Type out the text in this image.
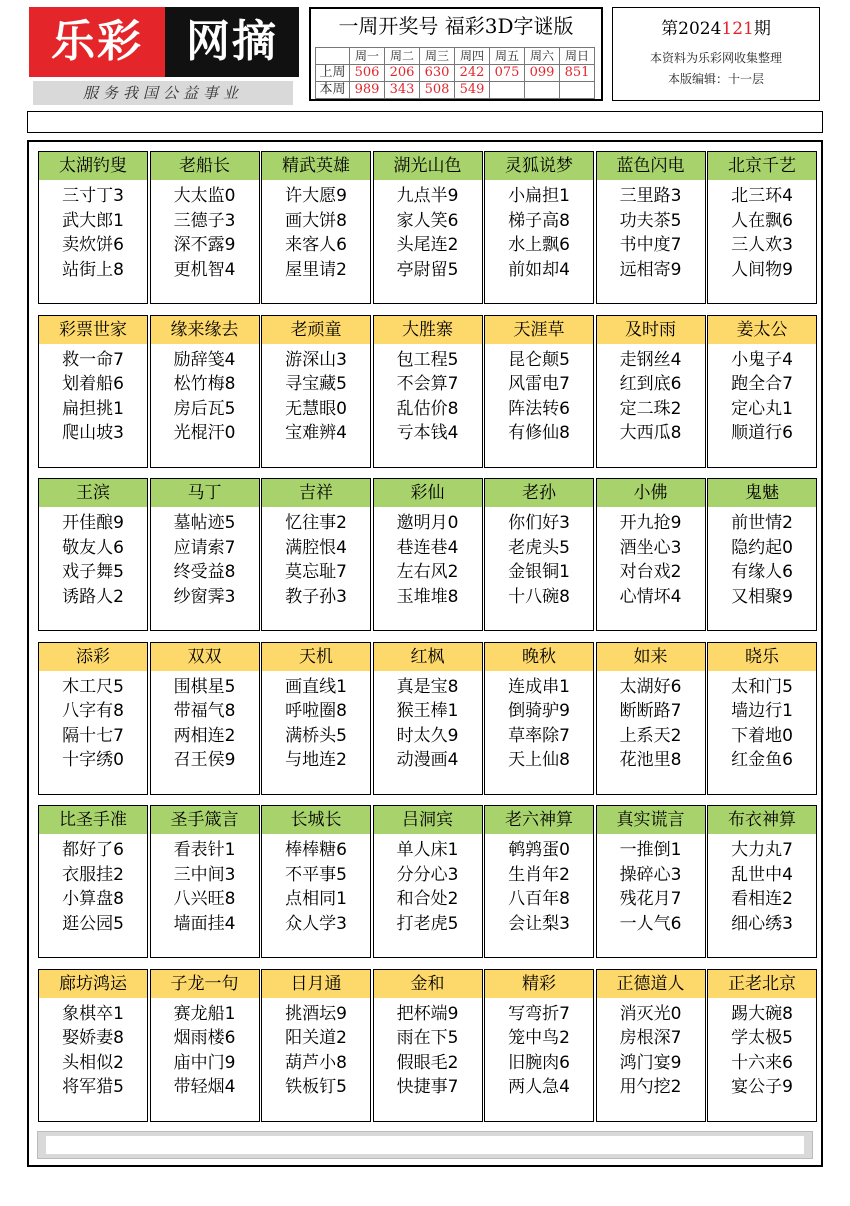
乐彩 网摘
服务我国公益事业
一周开奖号 福彩3D字谜版
	周一	周二	周三	周四	周五	周六	周日
上周	506	206	630	242	075	099	851
本周	989	343	508	549			
第2024121期
本资料为乐彩网收集整理
本版编辑：十一层
太湖钓叟
三寸丁3
武大郎1
卖炊饼6
站街上8
老船长
大太监0
三德子3
深不露9
更机智4
精武英雄
许大愿9
画大饼8
来客人6
屋里请2
湖光山色
九点半9
家人笑6
头尾连2
亭尉留5
灵狐说梦
小扁担1
梯子高8
水上飘6
前如却4
蓝色闪电
三里路3
功夫茶5
书中度7
远相寄9
北京千艺
北三环4
人在飘6
三人欢3
人间物9
彩票世家
救一命7
划着船6
扁担挑1
爬山坡3
缘来缘去
励辞笺4
松竹梅8
房后瓦5
光棍汗0
老顽童
游深山3
寻宝藏5
无慧眼0
宝难辨4
大胜寨
包工程5
不会算7
乱估价8
亏本钱4
天涯草
昆仑颠5
风雷电7
阵法转6
有修仙8
及时雨
走钢丝4
红到底6
定二珠2
大西瓜8
姜太公
小鬼子4
跑全合7
定心丸1
顺道行6
王滨
开佳酿9
敬友人6
戏子舞5
诱路人2
马丁
墓帖迹5
应请索7
终受益8
纱窗霁3
吉祥
忆往事2
满腔恨4
莫忘耻7
教子孙3
彩仙
邀明月0
巷连巷4
左右风2
玉堆堆8
老孙
你们好3
老虎头5
金银铜1
十八碗8
小佛
开九抢9
酒坐心3
对台戏2
心情坏4
鬼魅
前世情2
隐约起0
有缘人6
又相聚9
添彩
木工尺5
八字有8
隔十七7
十字绣0
双双
围棋星5
带福气8
两相连2
召王侯9
天机
画直线1
呼啦圈8
满桥头5
与地连2
红枫
真是宝8
猴王棒1
时太久9
动漫画4
晚秋
连成串1
倒骑驴9
草率除7
天上仙8
如来
太湖好6
断断路7
上系天2
花池里8
晓乐
太和门5
墙边行1
下着地0
红金鱼6
比圣手准
都好了6
衣服挂2
小算盘8
逛公园5
圣手箴言
看表针1
三中间3
八兴旺8
墙面挂4
长城长
棒棒糖6
不平事5
点相同1
众人学3
吕洞宾
单人床1
分分心3
和合处2
打老虎5
老六神算
鹌鹑蛋0
生肖年2
八百年8
会让梨3
真实谎言
一推倒1
操碎心3
残花月7
一人气6
布衣神算
大力丸7
乱世中4
看相连2
细心绣3
廊坊鸿运
象棋卒1
娶娇妻8
头相似2
将军猎5
子龙一句
赛龙船1
烟雨楼6
庙中门9
带轻烟4
日月通
挑酒坛9
阳关道2
葫芦小8
铁板钉5
金和
把杯端9
雨在下5
假眼毛2
快捷事7
精彩
写弯折7
笼中鸟2
旧腕肉6
两人急4
正德道人
消灭光0
房根深7
鸿门宴9
用勺挖2
正老北京
踢大碗8
学太极5
十六来6
宴公子9
